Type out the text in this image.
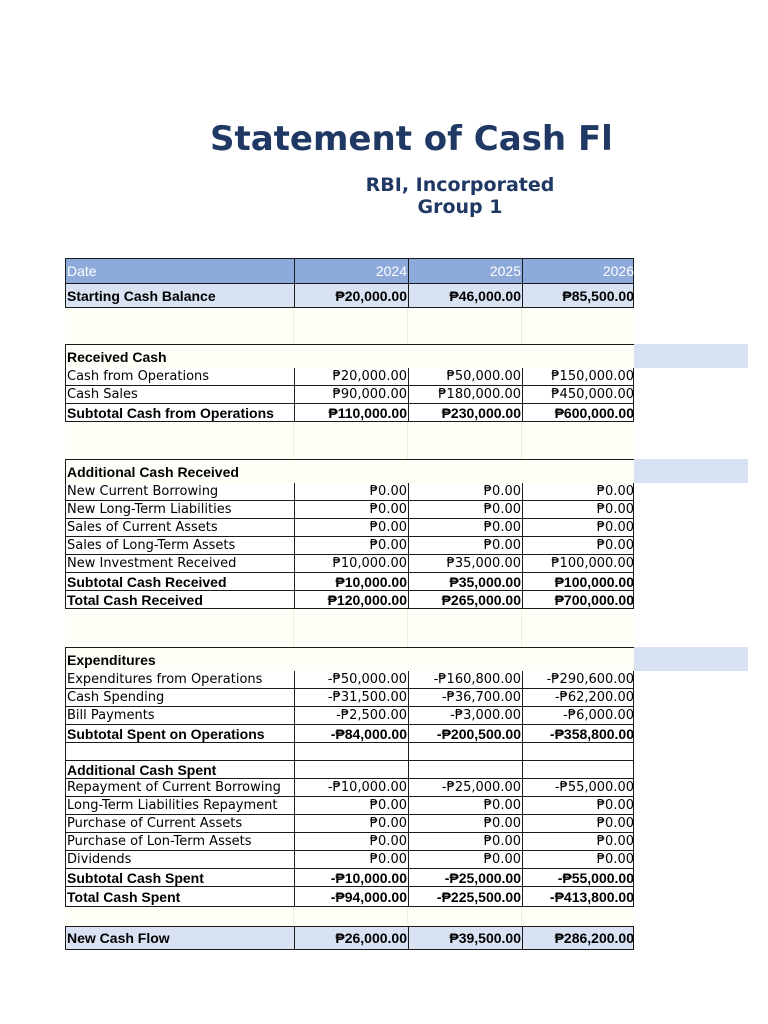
Statement of Cash Fl
RBI, Incorporated
Group 1
Date	2024	2025	2026
Starting Cash Balance	₱20,000.00	₱46,000.00	₱85,500.00
Received Cash
Cash from Operations	₱20,000.00	₱50,000.00	₱150,000.00
Cash Sales	₱90,000.00	₱180,000.00	₱450,000.00
Subtotal Cash from Operations	₱110,000.00	₱230,000.00	₱600,000.00
Additional Cash Received
New Current Borrowing	₱0.00	₱0.00	₱0.00
New Long-Term Liabilities	₱0.00	₱0.00	₱0.00
Sales of Current Assets	₱0.00	₱0.00	₱0.00
Sales of Long-Term Assets	₱0.00	₱0.00	₱0.00
New Investment Received	₱10,000.00	₱35,000.00	₱100,000.00
Subtotal Cash Received	₱10,000.00	₱35,000.00	₱100,000.00
Total Cash Received	₱120,000.00	₱265,000.00	₱700,000.00
Expenditures
Expenditures from Operations	-₱50,000.00	-₱160,800.00	-₱290,600.00
Cash Spending	-₱31,500.00	-₱36,700.00	-₱62,200.00
Bill Payments	-₱2,500.00	-₱3,000.00	-₱6,000.00
Subtotal Spent on Operations	-₱84,000.00	-₱200,500.00	-₱358,800.00
Additional Cash Spent
Repayment of Current Borrowing	-₱10,000.00	-₱25,000.00	-₱55,000.00
Long-Term Liabilities Repayment	₱0.00	₱0.00	₱0.00
Purchase of Current Assets	₱0.00	₱0.00	₱0.00
Purchase of Lon-Term Assets	₱0.00	₱0.00	₱0.00
Dividends	₱0.00	₱0.00	₱0.00
Subtotal Cash Spent	-₱10,000.00	-₱25,000.00	-₱55,000.00
Total Cash Spent	-₱94,000.00	-₱225,500.00	-₱413,800.00
New Cash Flow	₱26,000.00	₱39,500.00	₱286,200.00
